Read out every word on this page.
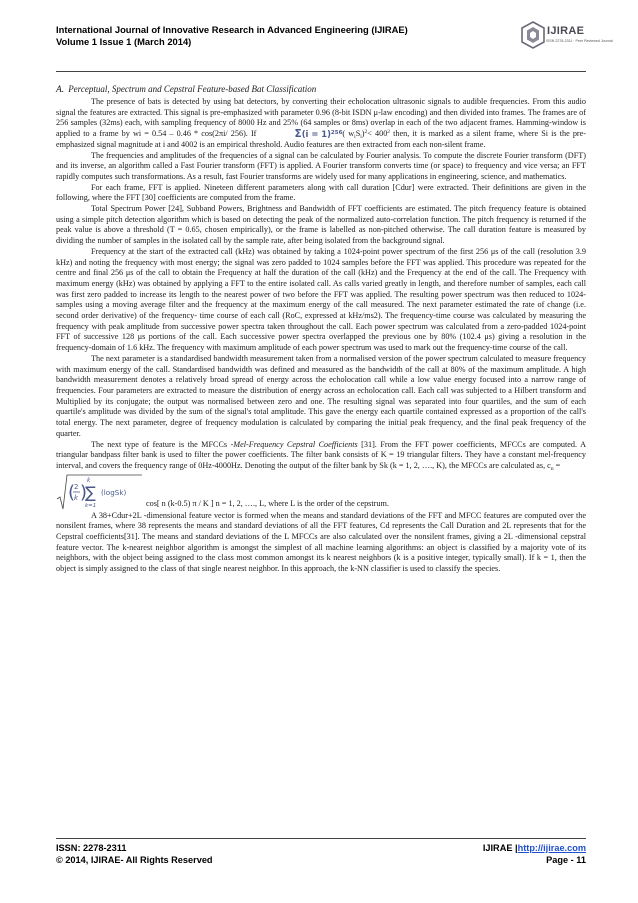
International Journal of Innovative Research in Advanced Engineering (IJIRAE)
Volume 1 Issue 1 (March 2014)
IJIRAE
ISSN 2278-2311 · Peer Reviewed Journal
A. Perceptual, Spectrum and Cepstral Feature-based Bat Classification
The presence of bats is detected by using bat detectors, by converting their echolocation ultrasonic signals to audible frequencies. From this audio signal the features are extracted. This signal is pre-emphasized with parameter 0.96 (8-bit ISDN μ-law encoding) and then divided into frames. The frames are of 256 samples (32ms) each, with sampling frequency of 8000 Hz and 25% (64 samples or 8ms) overlap in each of the two adjacent frames. Hamming-window is applied to a frame by wi = 0.54 – 0.46 * cos(2πi/ 256). If	Σ(i = 1)$^{256}$( $w_iS_i)^2< 400^2$ then, it is marked as a silent frame, where Si is the pre-emphasized signal magnitude at i and 4002 is an empirical threshold. Audio features are then extracted from each non-silent frame.
The frequencies and amplitudes of the frequencies of a signal can be calculated by Fourier analysis. To compute the discrete Fourier transform (DFT) and its inverse, an algorithm called a Fast Fourier transform (FFT) is applied. A Fourier transform converts time (or space) to frequency and vice versa; an FFT rapidly computes such transformations. As a result, fast Fourier transforms are widely used for many applications in engineering, science, and mathematics.
For each frame, FFT is applied. Nineteen different parameters along with call duration [Cdur] were extracted. Their definitions are given in the following, where the FFT [30] coefficients are computed from the frame.
Total Spectrum Power [24], Subband Powers, Brightness and Bandwidth of FFT coefficients are estimated. The pitch frequency feature is obtained using a simple pitch detection algorithm which is based on detecting the peak of the normalized auto-correlation function. The pitch frequency is returned if the peak value is above a threshold (T = 0.65, chosen empirically), or the frame is labelled as non-pitched otherwise. The call duration feature is measured by dividing the number of samples in the isolated call by the sample rate, after being isolated from the background signal.
Frequency at the start of the extracted call (kHz) was obtained by taking a 1024-point power spectrum of the first 256 μs of the call (resolution 3.9 kHz) and noting the frequency with most energy; the signal was zero padded to 1024 samples before the FFT was applied. This procedure was repeated for the centre and final 256 μs of the call to obtain the Frequency at half the duration of the call (kHz) and the Frequency at the end of the call. The Frequency with maximum energy (kHz) was obtained by applying a FFT to the entire isolated call. As calls varied greatly in length, and therefore number of samples, each call was first zero padded to increase its length to the nearest power of two before the FFT was applied. The resulting power spectrum was then reduced to 1024-samples using a moving average filter and the frequency at the maximum energy of the call measured. The next parameter estimated the rate of change (i.e. second order derivative) of the frequency- time course of each call (RoC, expressed at kHz/ms2). The frequency-time course was calculated by measuring the frequency with peak amplitude from successive power spectra taken throughout the call. Each power spectrum was calculated from a zero-padded 1024-point FFT of successive 128 μs portions of the call. Each successive power spectra overlapped the previous one by 80% (102.4 μs) giving a resolution in the frequency-domain of 1.6 kHz. The frequency with maximum amplitude of each power spectrum was used to mark out the frequency-time course of the call.
The next parameter is a standardised bandwidth measurement taken from a normalised version of the power spectrum calculated to measure frequency with maximum energy of the call. Standardised bandwidth was defined and measured as the bandwidth of the call at 80% of the maximum amplitude. A high bandwidth measurement denotes a relatively broad spread of energy across the echolocation call while a low value energy focused into a narrow range of frequencies. Four parameters are extracted to measure the distribution of energy across an echolocation call. Each call was subjected to a Hilbert transform and Multiplied by its conjugate; the output was normalised between zero and one. The resulting signal was separated into four quartiles, and the sum of each quartile's amplitude was divided by the sum of the signal's total amplitude. This gave the energy each quartile contained expressed as a proportion of the call's total energy. The next parameter, degree of frequency modulation is calculated by comparing the initial peak frequency, and the final peak frequency of the quarter.
The next type of feature is the MFCCs -Mel-Frequency Cepstral Coefficients [31]. From the FFT power coefficients, MFCCs are computed. A triangular bandpass filter bank is used to filter the power coefficients. The filter bank consists of K = 19 triangular filters. They have a constant mel-frequency interval, and covers the frequency range of 0Hz-4000Hz. Denoting the output of the filter bank by Sk (k = 1, 2, …., K), the MFCCs are calculated as, $c_n$ =
k
(
2
k )
∑
k=1
(logSk)
cos[ n (k-0.5) π / K ] n = 1, 2, …., L, where L is the order of the cepstrum.
A 38+Cdur+2L -dimensional feature vector is formed when the means and standard deviations of the FFT and MFCC features are computed over the nonsilent frames, where 38 represents the means and standard deviations of all the FFT features, Cd represents the Call Duration and 2L represents that for the Cepstral coefficients[31]. The means and standard deviations of the L MFCCs are also calculated over the nonsilent frames, giving a 2L -dimensional cepstral feature vector. The k-nearest neighbor algorithm is amongst the simplest of all machine learning algorithms: an object is classified by a majority vote of its neighbors, with the object being assigned to the class most common amongst its k nearest neighbors (k is a positive integer, typically small). If k = 1, then the object is simply assigned to the class of that single nearest neighbor. In this approach, the k-NN classifier is used to classify the species.
ISSN: 2278-2311
© 2014, IJIRAE- All Rights Reserved
IJIRAE |http://ijirae.com
Page - 11
